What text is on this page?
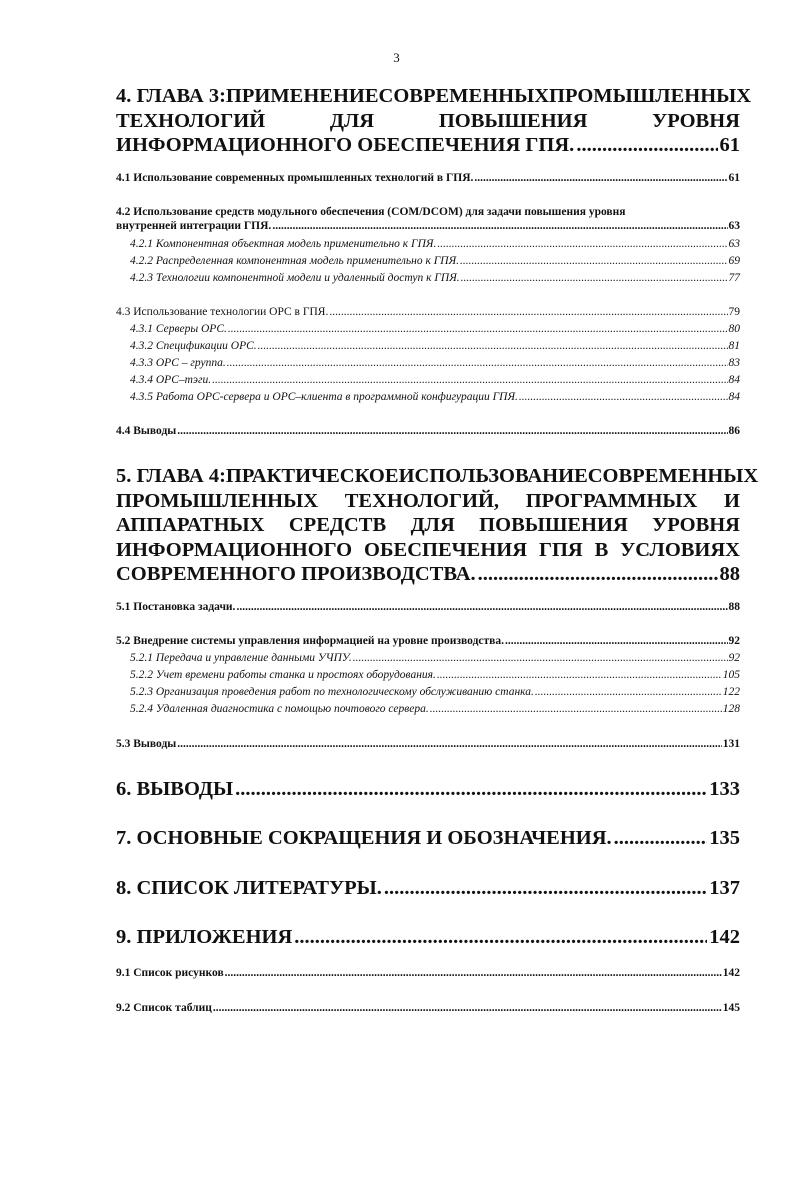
3
4. ГЛАВА 3: ПРИМЕНЕНИЕ СОВРЕМЕННЫХ ПРОМЫШЛЕННЫХ
ТЕХНОЛОГИЙ	ДЛЯ	ПОВЫШЕНИЯ	УРОВНЯ
ИНФОРМАЦИОННОГО ОБЕСПЕЧЕНИЯ ГПЯ. .....	61
4.1 Использование современных промышленных технологий в ГПЯ. .....	61
4.2 Использование средств модульного обеспечения (COM/DCOM) для задачи повышения уровня
внутренней интеграции ГПЯ. .....	63
4.2.1 Компонентная объектная модель применительно к ГПЯ. .....	63
4.2.2 Распределенная компонентная модель применительно к ГПЯ. .....	69
4.2.3 Технологии компонентной модели и удаленный доступ к ГПЯ. .....	77
4.3 Использование технологии ОРС в ГПЯ. .....	79
4.3.1 Серверы ОРС. .....	80
4.3.2 Спецификации ОРС. .....	81
4.3.3 ОРС – группа. .....	83
4.3.4 ОРС–тэги. .....	84
4.3.5 Работа ОРС-сервера и ОРС–клиента в программной конфигурации ГПЯ. .....	84
4.4 Выводы .....	86
5. ГЛАВА 4: ПРАКТИЧЕСКОЕ ИСПОЛЬЗОВАНИЕ СОВРЕМЕННЫХ
ПРОМЫШЛЕННЫХ ТЕХНОЛОГИЙ, ПРОГРАММНЫХ И
АППАРАТНЫХ СРЕДСТВ ДЛЯ ПОВЫШЕНИЯ УРОВНЯ
ИНФОРМАЦИОННОГО ОБЕСПЕЧЕНИЯ ГПЯ В УСЛОВИЯХ
СОВРЕМЕННОГО ПРОИЗВОДСТВА. .....	88
5.1 Постановка задачи. .....	88
5.2 Внедрение системы управления информацией на уровне производства. .....	92
5.2.1 Передача и управление данными УЧПУ. .....	92
5.2.2 Учет времени работы станка и простоях оборудования. .....	105
5.2.3 Организация проведения работ по технологическому обслуживанию станка. .....	122
5.2.4 Удаленная диагностика с помощью почтового сервера. .....	128
5.3 Выводы .....	131
6. ВЫВОДЫ .....	133
7. ОСНОВНЫЕ СОКРАЩЕНИЯ И ОБОЗНАЧЕНИЯ. .....	135
8. СПИСОК ЛИТЕРАТУРЫ. .....	137
9. ПРИЛОЖЕНИЯ .....	142
9.1 Список рисунков .....	142
9.2 Список таблиц .....	145
